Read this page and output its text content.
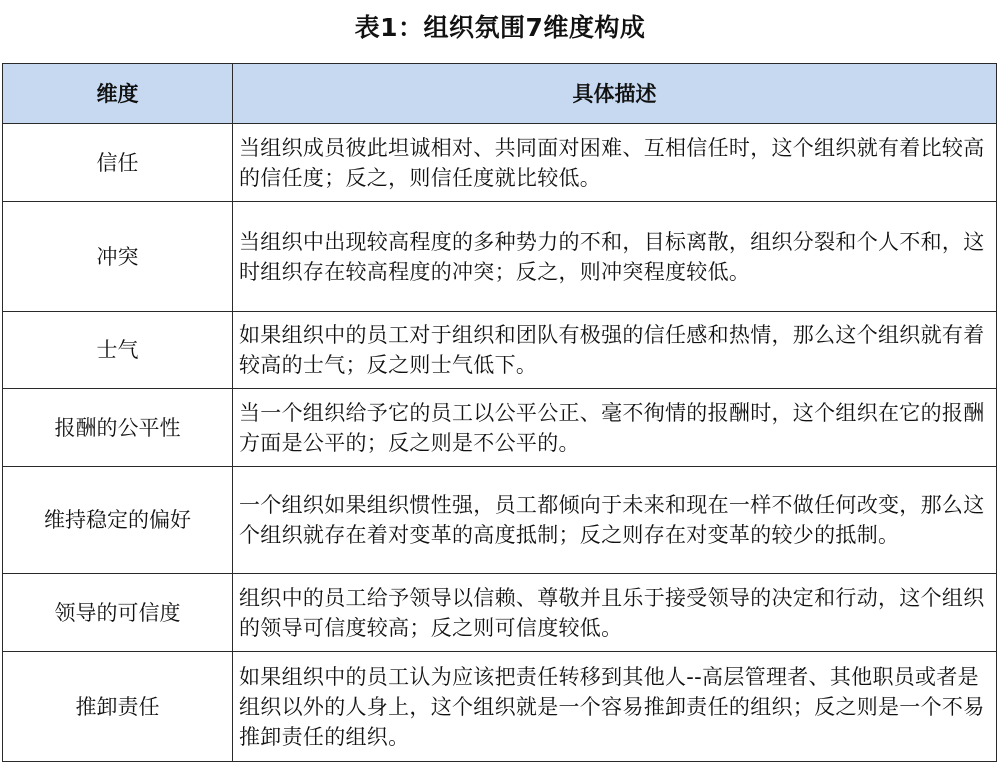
表1：组织氛围7维度构成
维度	具体描述
信任	当组织成员彼此坦诚相对、共同面对困难、互相信任时，这个组织就有着比较高的信任度；反之，则信任度就比较低。
冲突	当组织中出现较高程度的多种势力的不和，目标离散，组织分裂和个人不和，这时组织存在较高程度的冲突；反之，则冲突程度较低。
士气	如果组织中的员工对于组织和团队有极强的信任感和热情，那么这个组织就有着较高的士气；反之则士气低下。
报酬的公平性	当一个组织给予它的员工以公平公正、毫不徇情的报酬时，这个组织在它的报酬方面是公平的；反之则是不公平的。
维持稳定的偏好	一个组织如果组织惯性强，员工都倾向于未来和现在一样不做任何改变，那么这个组织就存在着对变革的高度抵制；反之则存在对变革的较少的抵制。
领导的可信度	组织中的员工给予领导以信赖、尊敬并且乐于接受领导的决定和行动，这个组织的领导可信度较高；反之则可信度较低。
推卸责任	如果组织中的员工认为应该把责任转移到其他人--高层管理者、其他职员或者是组织以外的人身上，这个组织就是一个容易推卸责任的组织；反之则是一个不易推卸责任的组织。
